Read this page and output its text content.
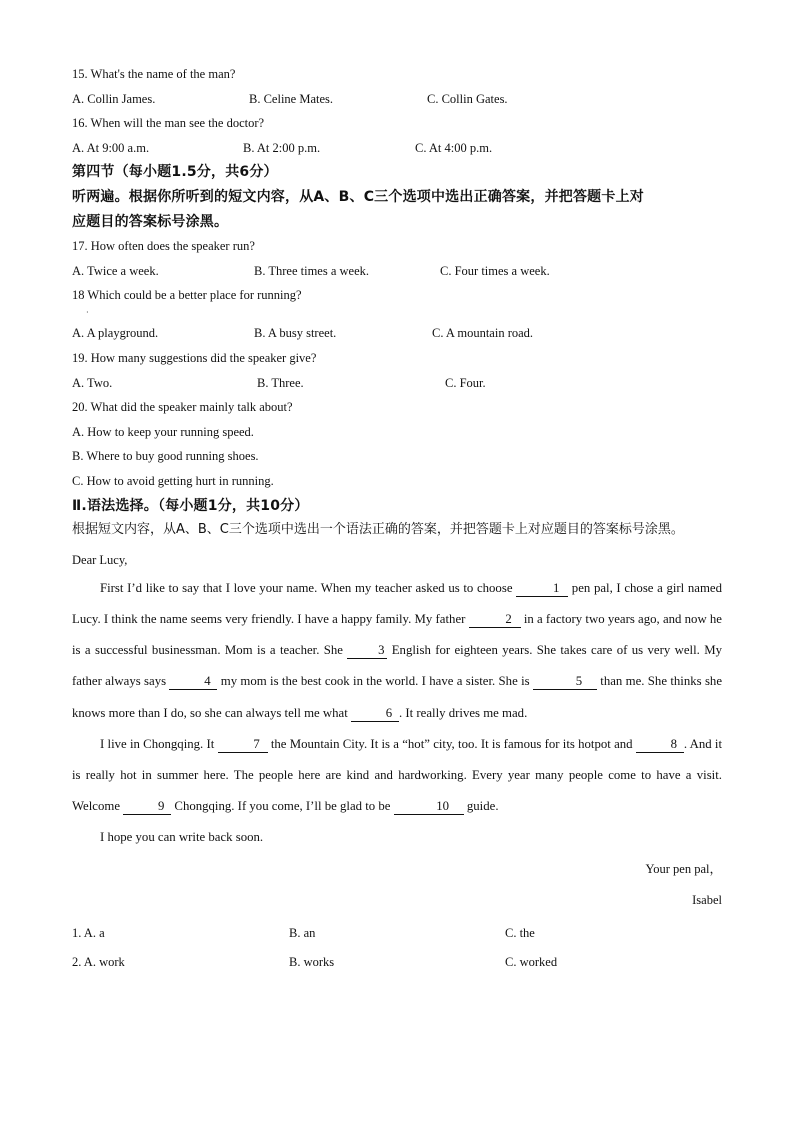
15. What's the name of the man?
A. Collin James.	B. Celine Mates.	C. Collin Gates.
16. When will the man see the doctor?
A. At 9:00 a.m.	B. At 2:00 p.m.	C. At 4:00 p.m.
第四节（每小题1.5分，共6分）
听两遍。根据你所听到的短文内容，从A、B、C三个选项中选出正确答案，并把答题卡上对
应题目的答案标号涂黑。
17. How often does the speaker run?
A. Twice a week.	B. Three times a week.	C. Four times a week.
18 Which could be a better place for running?
·
A. A playground.	B. A busy street.	C. A mountain road.
19. How many suggestions did the speaker give?
A. Two.	B. Three.	C. Four.
20. What did the speaker mainly talk about?
A. How to keep your running speed.
B. Where to buy good running shoes.
C. How to avoid getting hurt in running.
Ⅱ.语法选择。（每小题1分，共10分）
根据短文内容，从A、B、C三个选项中选出一个语法正确的答案，并把答题卡上对应题目的答案标号涂黑。
Dear Lucy,

First I’d like to say that I love your name. When my teacher asked us to choose	1 pen pal, I chose a girl named Lucy. I think the name seems very friendly. I have a happy family. My father	2 in a factory two years ago, and now he is a successful businessman. Mom is a teacher. She 3 English for eighteen years. She takes care of us very well. My father always says	4 my mom is the best cook in the world. I have a sister. She is	5 than me. She thinks she knows more than I do, so she can always tell me what	6 . It really drives me mad.

I live in Chongqing. It	7 the Mountain City. It is a “hot” city, too. It is famous for its hotpot and	8 . And it is really hot in summer here. The people here are kind and hardworking. Every year many people come to have a visit. Welcome	9 Chongqing. If you come, I’ll be glad to be	10 guide.

I hope you can write back soon.

Your pen pal，
Isabel
1. A. a	B. an	C. the
2. A. work	B. works	C. worked
